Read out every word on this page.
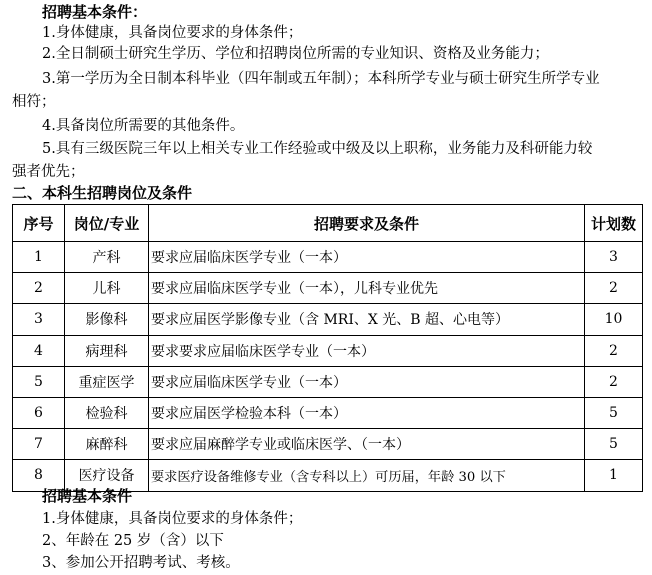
招聘基本条件：
1.身体健康，具备岗位要求的身体条件；
2.全日制硕士研究生学历、学位和招聘岗位所需的专业知识、资格及业务能力；
3.第一学历为全日制本科毕业（四年制或五年制）；本科所学专业与硕士研究生所学专业
相符；
4.具备岗位所需要的其他条件。
5.具有三级医院三年以上相关专业工作经验或中级及以上职称，业务能力及科研能力较
强者优先；
二、本科生招聘岗位及条件
序号	岗位/专业	招聘要求及条件	计划数
1	产科	要求应届临床医学专业（一本）	3
2	儿科	要求应届临床医学专业（一本），儿科专业优先	2
3	影像科	要求应届医学影像专业（含 MRI、X 光、B 超、心电等）	10
4	病理科	要求要求应届临床医学专业（一本）	2
5	重症医学	要求应届临床医学专业（一本）	2
6	检验科	要求应届医学检验本科（一本）	5
7	麻醉科	要求应届麻醉学专业或临床医学、（一本）	5
8	医疗设备	要求医疗设备维修专业（含专科以上）可历届，年龄 30 以下	1
招聘基本条件
1.身体健康，具备岗位要求的身体条件；
2、年龄在 25 岁（含）以下
3、参加公开招聘考试、考核。
